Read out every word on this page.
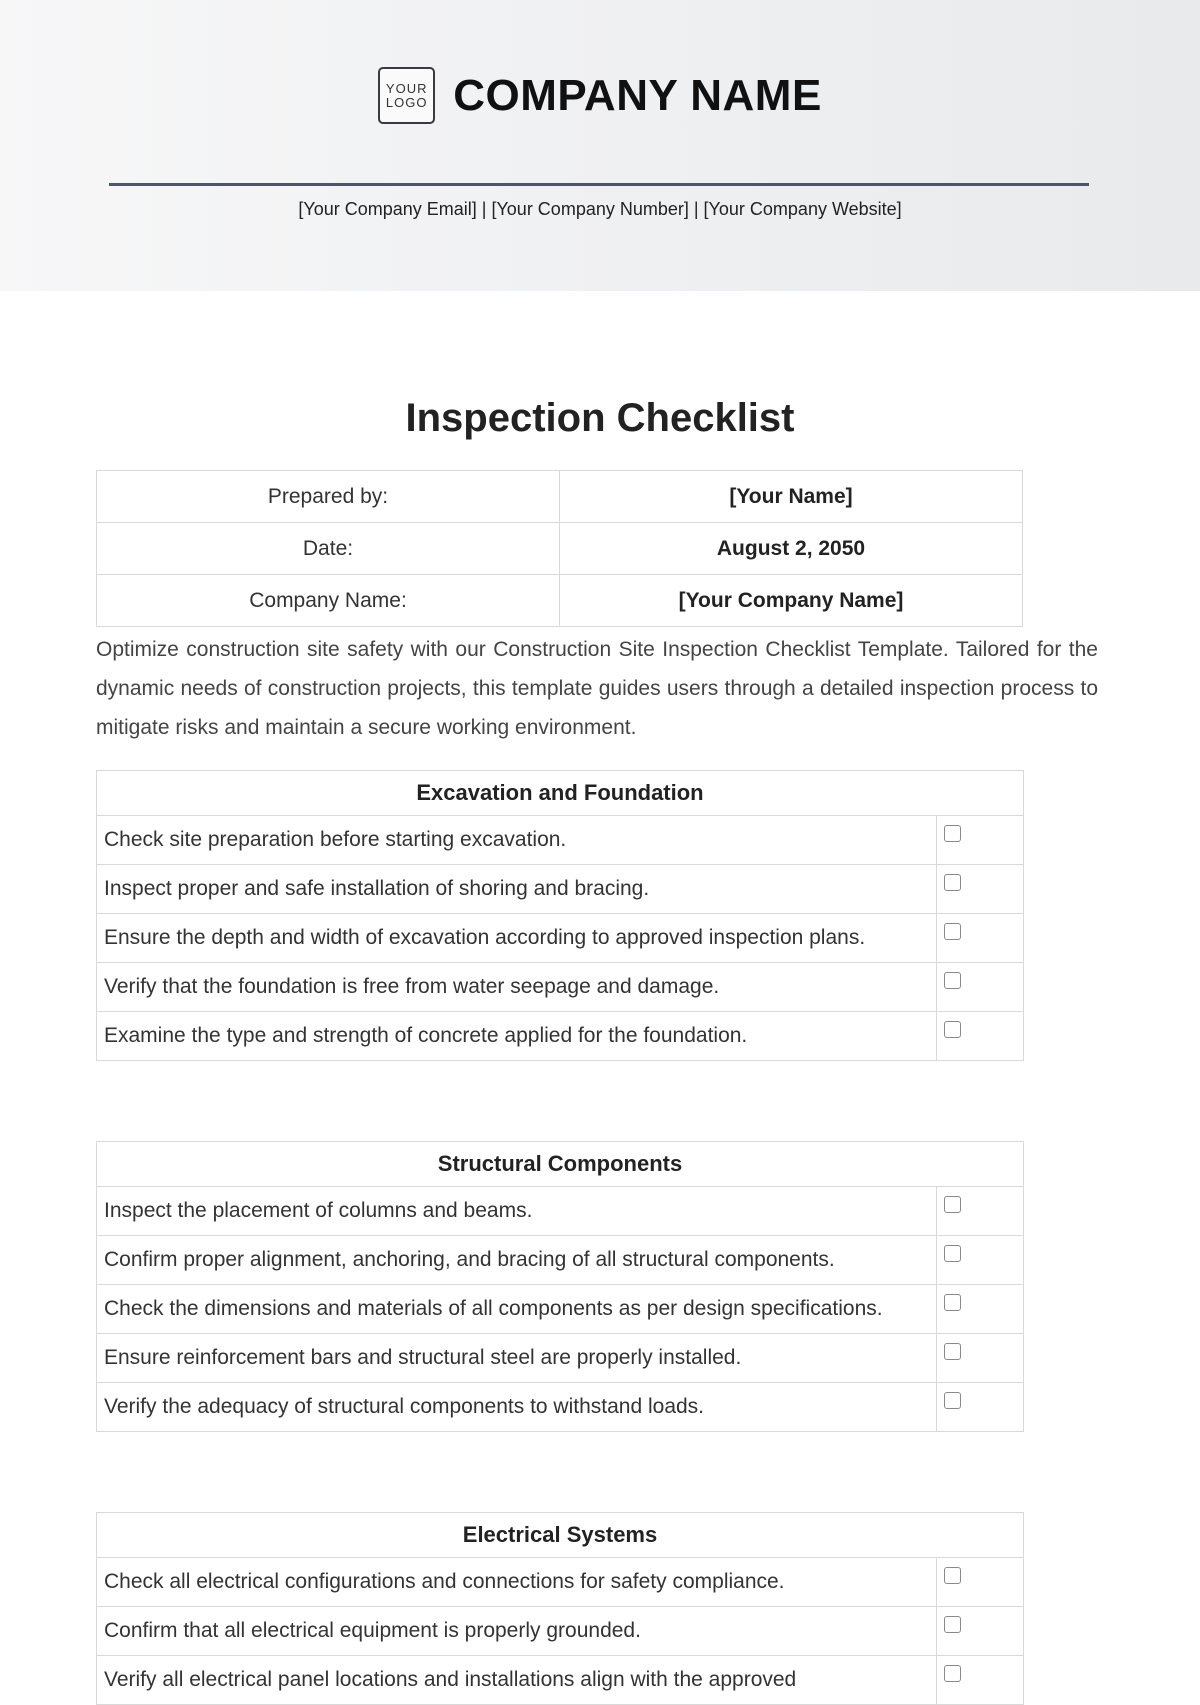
YOUR
LOGO COMPANY NAME
[Your Company Email] | [Your Company Number] | [Your Company Website]
Inspection Checklist
Prepared by:	[Your Name]
Date:	August 2, 2050
Company Name:	[Your Company Name]

Optimize construction site safety with our Construction Site Inspection Checklist Template. Tailored for the dynamic needs of construction projects, this template guides users through a detailed inspection process to mitigate risks and maintain a secure working environment.

Excavation and Foundation	
Check site preparation before starting excavation.	

Inspect proper and safe installation of shoring and bracing.	

Ensure the depth and width of excavation according to approved inspection plans.	

Verify that the foundation is free from water seepage and damage.	

Examine the type and strength of concrete applied for the foundation.	
Structural Components	
Inspect the placement of columns and beams.	

Confirm proper alignment, anchoring, and bracing of all structural components.	

Check the dimensions and materials of all components as per design specifications.	

Ensure reinforcement bars and structural steel are properly installed.	

Verify the adequacy of structural components to withstand loads.	
Electrical Systems	
Check all electrical configurations and connections for safety compliance.	

Confirm that all electrical equipment is properly grounded.	

Verify all electrical panel locations and installations align with the approved	
